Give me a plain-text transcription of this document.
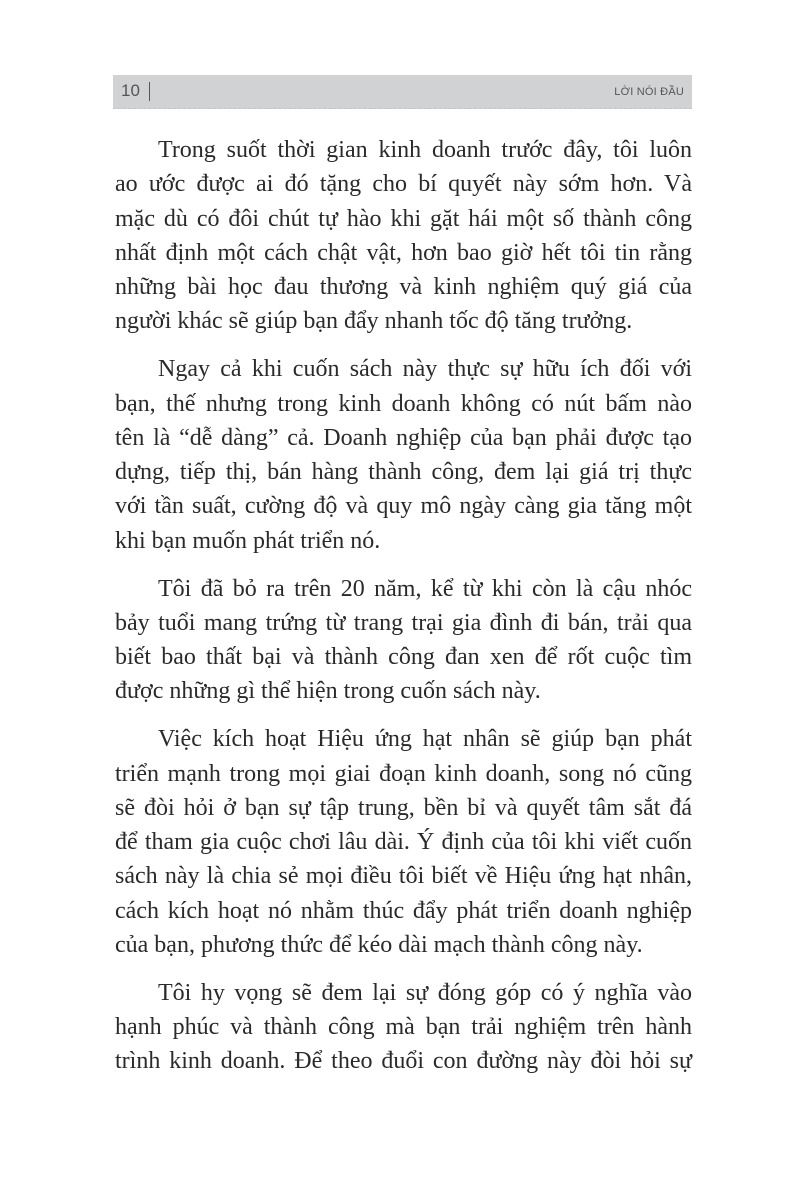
10	LỜI NÓI ĐẦU
Trong suốt thời gian kinh doanh trước đây, tôi luôn
ao ước được ai đó tặng cho bí quyết này sớm hơn. Và
mặc dù có đôi chút tự hào khi gặt hái một số thành công
nhất định một cách chật vật, hơn bao giờ hết tôi tin rằng
những bài học đau thương và kinh nghiệm quý giá của
người khác sẽ giúp bạn đẩy nhanh tốc độ tăng trưởng.
Ngay cả khi cuốn sách này thực sự hữu ích đối với
bạn, thế nhưng trong kinh doanh không có nút bấm nào
tên là “dễ dàng” cả. Doanh nghiệp của bạn phải được tạo
dựng, tiếp thị, bán hàng thành công, đem lại giá trị thực
với tần suất, cường độ và quy mô ngày càng gia tăng một
khi bạn muốn phát triển nó.
Tôi đã bỏ ra trên 20 năm, kể từ khi còn là cậu nhóc
bảy tuổi mang trứng từ trang trại gia đình đi bán, trải qua
biết bao thất bại và thành công đan xen để rốt cuộc tìm
được những gì thể hiện trong cuốn sách này.
Việc kích hoạt Hiệu ứng hạt nhân sẽ giúp bạn phát
triển mạnh trong mọi giai đoạn kinh doanh, song nó cũng
sẽ đòi hỏi ở bạn sự tập trung, bền bỉ và quyết tâm sắt đá
để tham gia cuộc chơi lâu dài. Ý định của tôi khi viết cuốn
sách này là chia sẻ mọi điều tôi biết về Hiệu ứng hạt nhân,
cách kích hoạt nó nhằm thúc đẩy phát triển doanh nghiệp
của bạn, phương thức để kéo dài mạch thành công này.
Tôi hy vọng sẽ đem lại sự đóng góp có ý nghĩa vào
hạnh phúc và thành công mà bạn trải nghiệm trên hành
trình kinh doanh. Để theo đuổi con đường này đòi hỏi sự
